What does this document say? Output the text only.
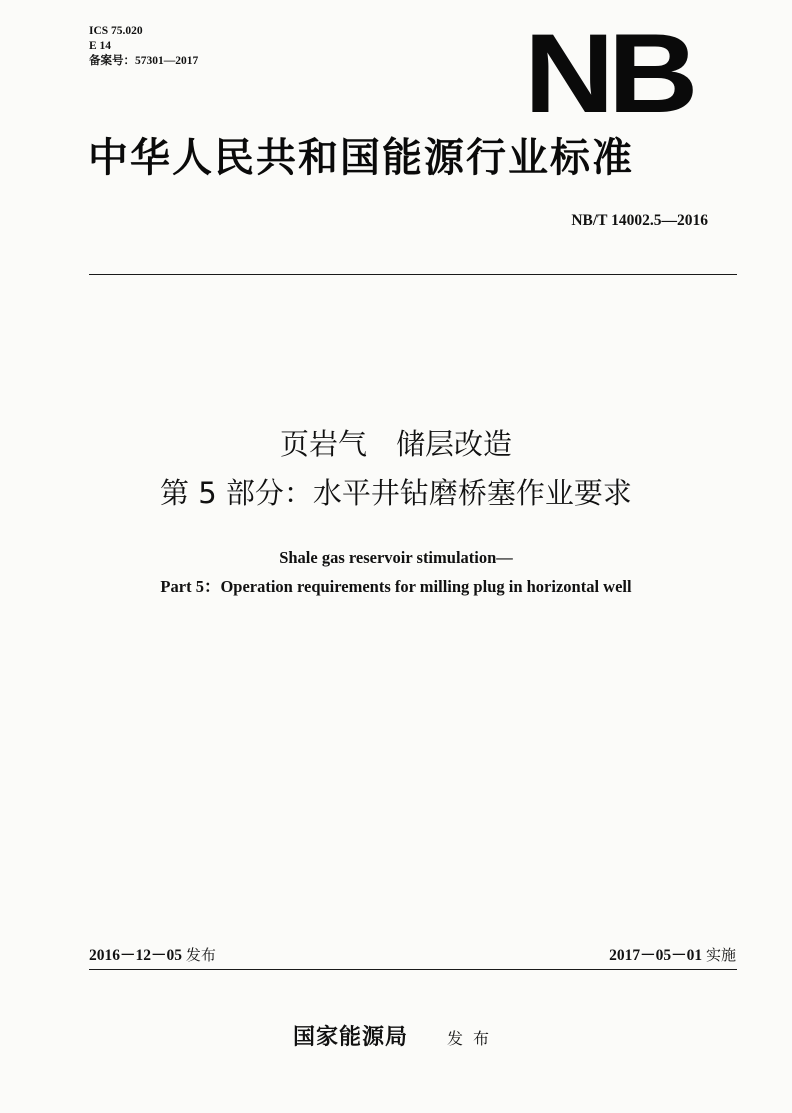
ICS 75.020
E 14
备案号：57301—2017	NB
中华人民共和国能源行业标准
NB/T 14002.5—2016
页岩气　储层改造
第 5 部分：水平井钻磨桥塞作业要求
Shale gas reservoir stimulation—
Part 5：Operation requirements for milling plug in horizontal well
2016－12－05 发布	2017－05－01 实施
国家能源局 发布
